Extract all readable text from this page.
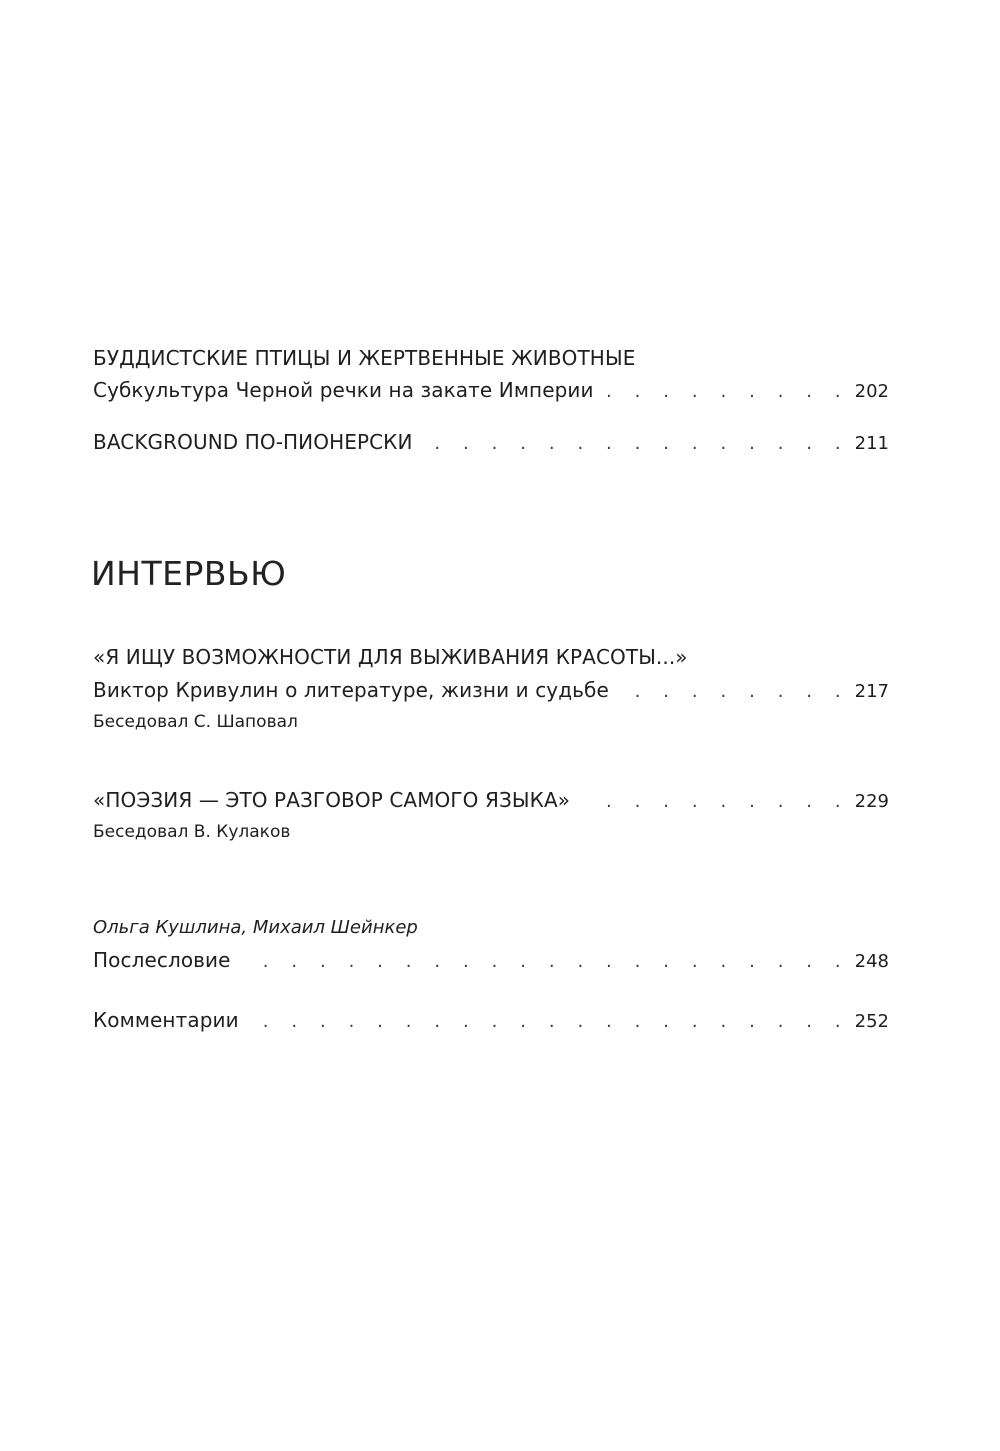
БУДДИСТСКИЕ ПТИЦЫ И ЖЕРТВЕННЫЕ ЖИВОТНЫЕ
Субкультура Черной речки на закате Империи .	202
BACKGROUND ПО-ПИОНЕРСКИ .	211
ИНТЕРВЬЮ
«Я ИЩУ ВОЗМОЖНОСТИ ДЛЯ ВЫЖИВАНИЯ КРАСОТЫ...»
Виктор Кривулин о литературе, жизни и судьбе .	217
Беседовал С. Шаповал
«ПОЭЗИЯ — ЭТО РАЗГОВОР САМОГО ЯЗЫКА» .	229
Беседовал В. Кулаков
Ольга Кушлина, Михаил Шейнкер
Послесловие .	248
Комментарии .	252
